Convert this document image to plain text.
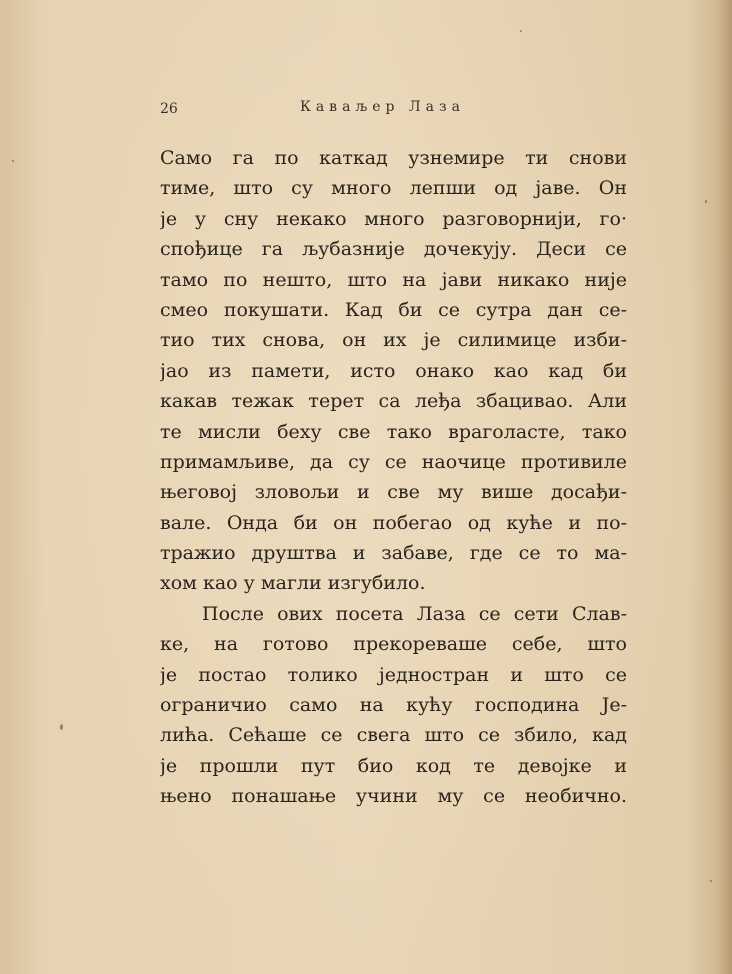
26	Каваљер Лаза
Само га по каткад узнемире ти снови
тиме, што су много лепши од јаве. Он
је у сну некако много разговорнији, го·
спођице га љубазније дочекују. Деси се
тамо по нешто, што на јави никако није
смео покушати. Кад би се сутра дан се-
тио тих снова, он их је силимице изби-
јао из памети, исто онако као кад би
какав тежак терет са леђа збацивао. Али
те мисли беху све тако враголасте, тако
примамљиве, да су се наочице противиле
његовој зловољи и све му више досађи-
вале. Онда би он побегао од куће и по-
тражио друштва и забаве, где се то ма-
хом као у магли изгубило.
После ових посета Лаза се сети Слав-
ке, на готово прекореваше себе, што
је постао толико једностран и што се
ограничио само на кућу господина Је-
лића. Сећаше се свега што се збило, кад
је прошли пут био код те девојке и
њено понашање учини му се необично.
